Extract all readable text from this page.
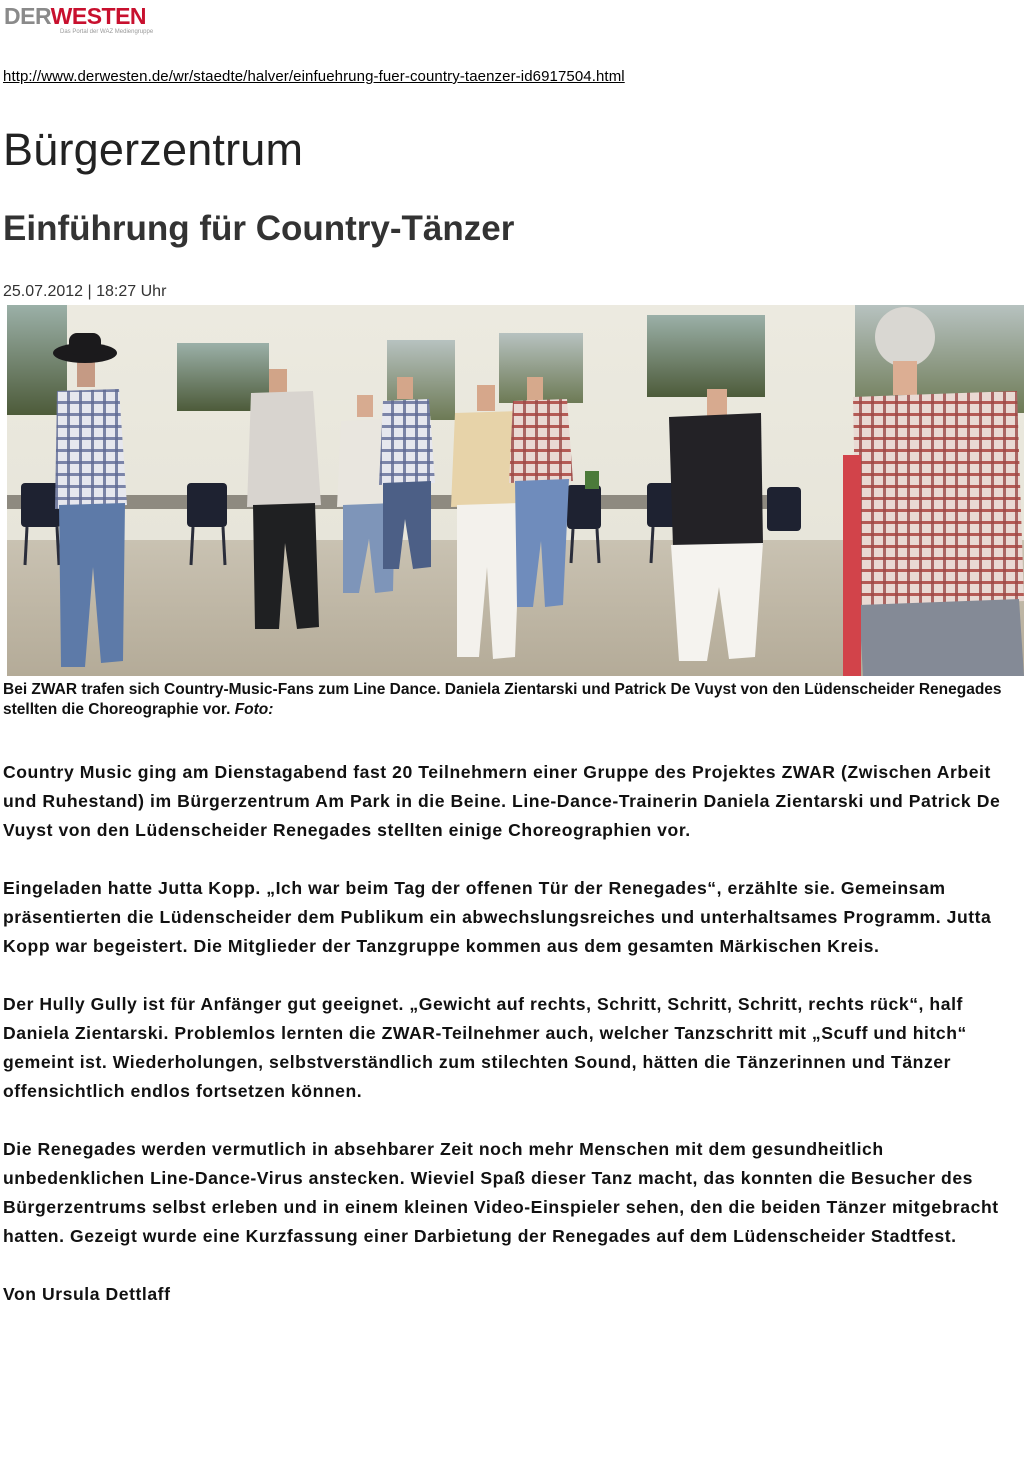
DERWESTEN
Das Portal der WAZ Mediengruppe
http://www.derwesten.de/wr/staedte/halver/einfuehrung-fuer-country-taenzer-id6917504.html
Bürgerzentrum
Einführung für Country-Tänzer
25.07.2012 | 18:27 Uhr

Bei ZWAR trafen sich Country-Music-Fans zum Line Dance. Daniela Zientarski und Patrick De Vuyst von den Lüdenscheider Renegades stellten die Choreographie vor. Foto:

Country Music ging am Dienstagabend fast 20 Teilnehmern einer Gruppe des Projektes ZWAR (Zwischen Arbeit und Ruhestand) im Bürgerzentrum Am Park in die Beine. Line-Dance-Trainerin Daniela Zientarski und Patrick De Vuyst von den Lüdenscheider Renegades stellten einige Choreographien vor.

Eingeladen hatte Jutta Kopp. „Ich war beim Tag der offenen Tür der Renegades“, erzählte sie. Gemeinsam präsentierten die Lüdenscheider dem Publikum ein abwechslungsreiches und unterhaltsames Programm. Jutta Kopp war begeistert. Die Mitglieder der Tanzgruppe kommen aus dem gesamten Märkischen Kreis.

Der Hully Gully ist für Anfänger gut geeignet. „Gewicht auf rechts, Schritt, Schritt, Schritt, rechts rück“, half Daniela Zientarski. Problemlos lernten die ZWAR-Teilnehmer auch, welcher Tanzschritt mit „Scuff und hitch“ gemeint ist. Wiederholungen, selbstverständlich zum stilechten Sound, hätten die Tänzerinnen und Tänzer offensichtlich endlos fortsetzen können.

Die Renegades werden vermutlich in absehbarer Zeit noch mehr Menschen mit dem gesundheitlich unbedenklichen Line-Dance-Virus anstecken. Wieviel Spaß dieser Tanz macht, das konnten die Besucher des Bürgerzentrums selbst erleben und in einem kleinen Video-Einspieler sehen, den die beiden Tänzer mitgebracht hatten. Gezeigt wurde eine Kurzfassung einer Darbietung der Renegades auf dem Lüdenscheider Stadtfest.

Von Ursula Dettlaff
